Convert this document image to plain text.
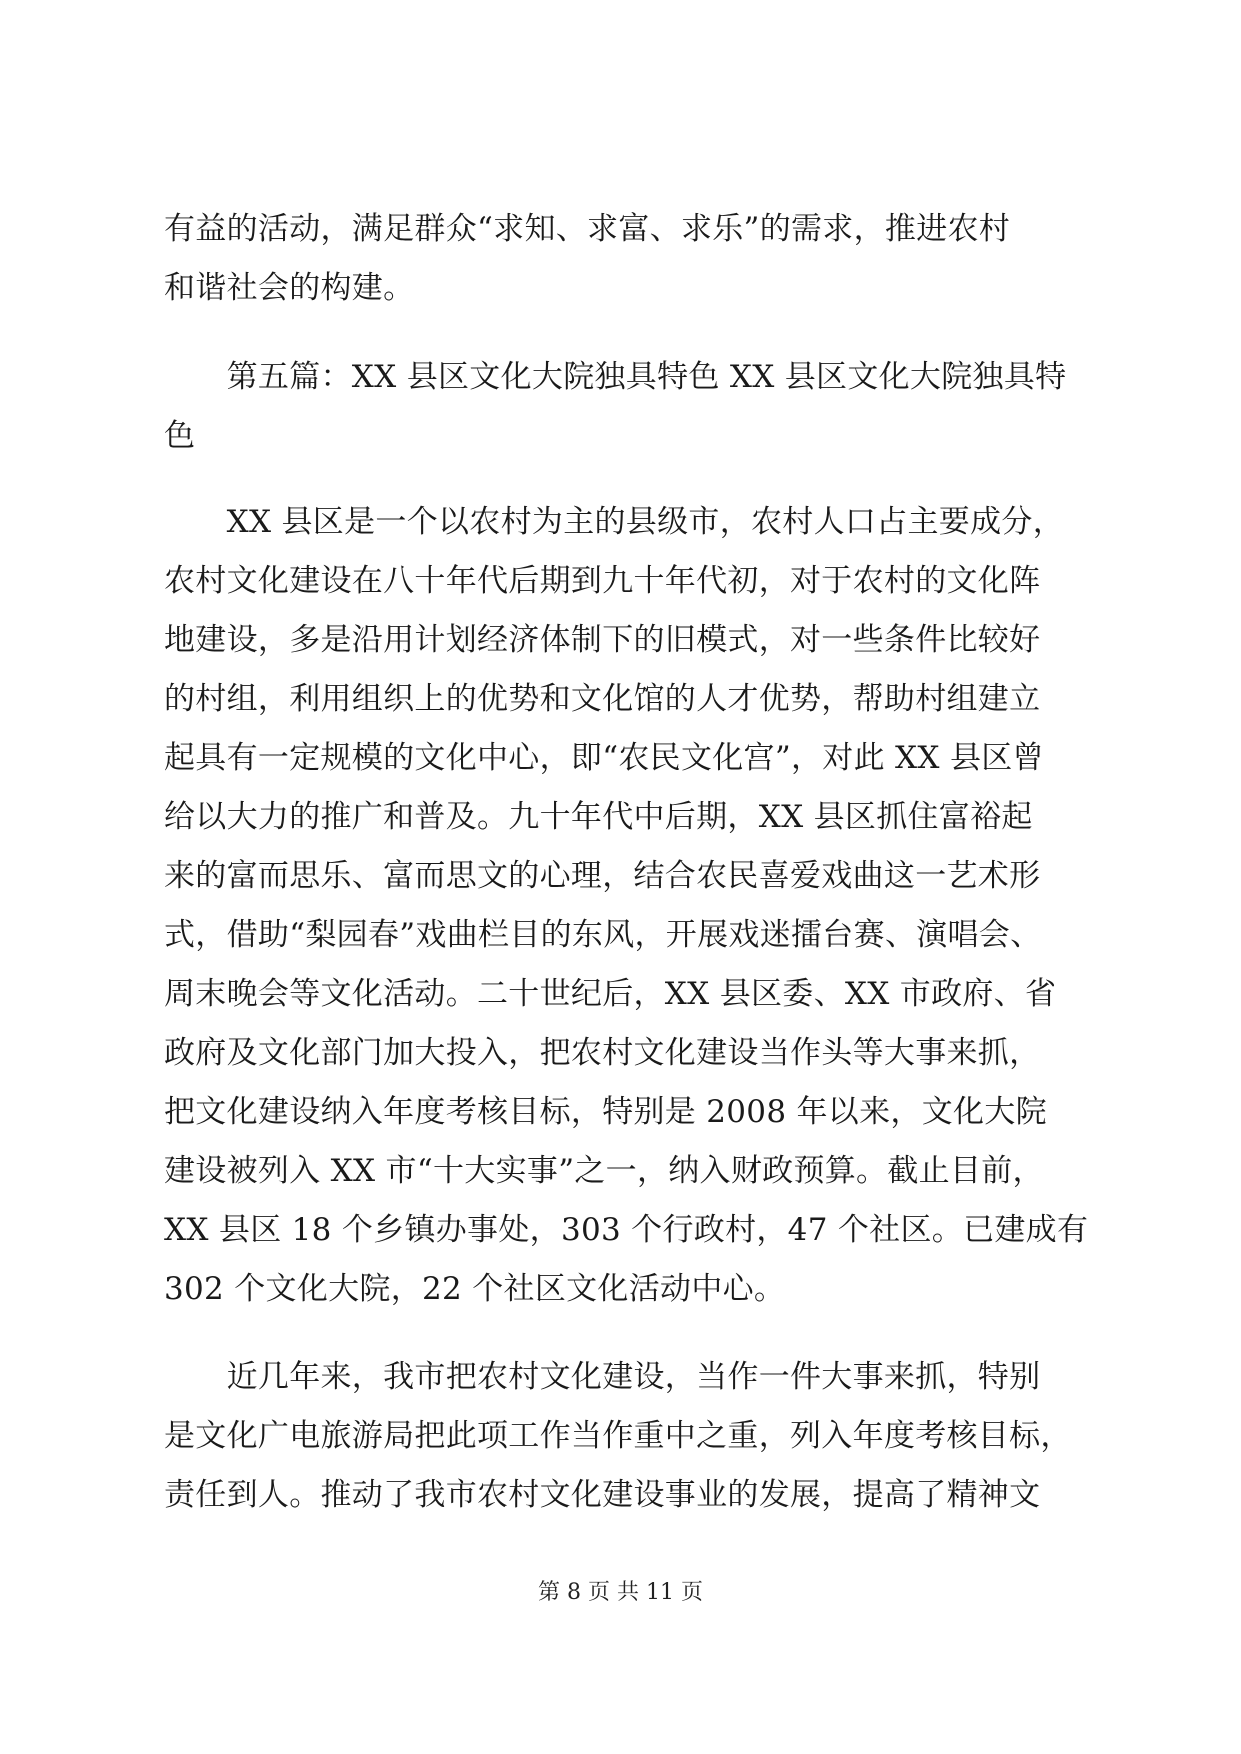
有益的活动，满足群众“求知、求富、求乐”的需求，推进农村
和谐社会的构建。
　　第五篇：XX 县区文化大院独具特色 XX 县区文化大院独具特
色
　　XX 县区是一个以农村为主的县级市，农村人口占主要成分，
农村文化建设在八十年代后期到九十年代初，对于农村的文化阵
地建设，多是沿用计划经济体制下的旧模式，对一些条件比较好
的村组，利用组织上的优势和文化馆的人才优势，帮助村组建立
起具有一定规模的文化中心，即“农民文化宫”，对此 XX 县区曾
给以大力的推广和普及。九十年代中后期，XX 县区抓住富裕起
来的富而思乐、富而思文的心理，结合农民喜爱戏曲这一艺术形
式，借助“梨园春”戏曲栏目的东风，开展戏迷擂台赛、演唱会、
周末晚会等文化活动。二十世纪后，XX 县区委、XX 市政府、省
政府及文化部门加大投入，把农村文化建设当作头等大事来抓，
把文化建设纳入年度考核目标，特别是 2008 年以来，文化大院
建设被列入 XX 市“十大实事”之一，纳入财政预算。截止目前，
XX 县区 18 个乡镇办事处，303 个行政村，47 个社区。已建成有
302 个文化大院，22 个社区文化活动中心。
　　近几年来，我市把农村文化建设，当作一件大事来抓，特别
是文化广电旅游局把此项工作当作重中之重，列入年度考核目标，
责任到人。推动了我市农村文化建设事业的发展，提高了精神文
第 8 页 共 11 页
